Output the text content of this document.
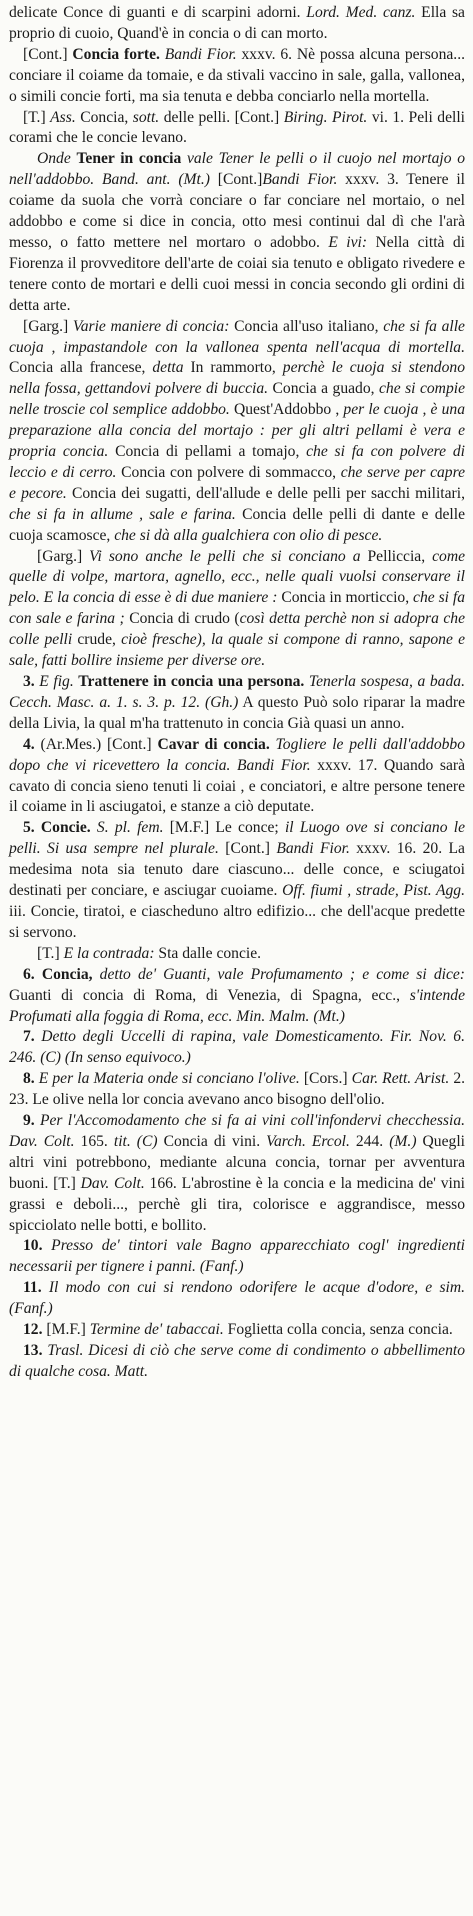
delicate Conce di guanti e di scarpini adorni. Lord. Med. canz. Ella sa proprio di cuoio, Quand'è in concia o di can morto.

[Cont.] Concia forte. Bandi Fior. xxxv. 6. Nè possa alcuna persona... conciare il coiame da tomaie, e da stivali vaccino in sale, galla, vallonea, o simili concie forti, ma sia tenuta e debba conciarlo nella mortella.

[T.] Ass. Concia, sott. delle pelli. [Cont.] Biring. Pirot. vi. 1. Peli delli corami che le concie levano.

Onde Tener in concia vale Tener le pelli o il cuojo nel mortajo o nell'addobbo. Band. ant. (Mt.) [Cont.]Bandi Fior. xxxv. 3. Tenere il coiame da suola che vorrà conciare o far conciare nel mortaio, o nel addobbo e come si dice in concia, otto mesi continui dal dì che l'arà messo, o fatto mettere nel mortaro o adobbo. E ivi: Nella città di Fiorenza il provveditore dell'arte de coiai sia tenuto e obligato rivedere e tenere conto de mortari e delli cuoi messi in concia secondo gli ordini di detta arte.

[Garg.] Varie maniere di concia: Concia all'uso italiano, che si fa alle cuoja , impastandole con la vallonea spenta nell'acqua di mortella. Concia alla francese, detta In rammorto, perchè le cuoja si stendono nella fossa, gettandovi polvere di buccia. Concia a guado, che si compie nelle troscie col semplice addobbo. Quest'Addobbo , per le cuoja , è una preparazione alla concia del mortajo : per gli altri pellami è vera e propria concia. Concia di pellami a tomajo, che si fa con polvere di leccio e di cerro. Concia con polvere di sommacco, che serve per capre e pecore. Concia dei sugatti, dell'allude e delle pelli per sacchi militari, che si fa in allume , sale e farina. Concia delle pelli di dante e delle cuoja scamosce, che si dà alla gualchiera con olio di pesce.

[Garg.] Vi sono anche le pelli che si conciano a Pelliccia, come quelle di volpe, martora, agnello, ecc., nelle quali vuolsi conservare il pelo. E la concia di esse è di due maniere : Concia in morticcio, che si fa con sale e farina ; Concia di crudo (così detta perchè non si adopra che colle pelli crude, cioè fresche), la quale si compone di ranno, sapone e sale, fatti bollire insieme per diverse ore.

3. E fig. Trattenere in concia una persona. Tenerla sospesa, a bada. Cecch. Masc. a. 1. s. 3. p. 12. (Gh.) A questo Può solo riparar la madre della Livia, la qual m'ha trattenuto in concia Già quasi un anno.

4. (Ar.Mes.) [Cont.] Cavar di concia. Togliere le pelli dall'addobbo dopo che vi ricevettero la concia. Bandi Fior. xxxv. 17. Quando sarà cavato di concia sieno tenuti li coiai , e conciatori, e altre persone tenere il coiame in li asciugatoi, e stanze a ciò deputate.

5. Concie. S. pl. fem. [M.F.] Le conce; il Luogo ove si conciano le pelli. Si usa sempre nel plurale. [Cont.] Bandi Fior. xxxv. 16. 20. La medesima nota sia tenuto dare ciascuno... delle conce, e sciugatoi destinati per conciare, e asciugar cuoiame. Off. fiumi , strade, Pist. Agg. iii. Concie, tiratoi, e ciascheduno altro edifizio... che dell'acque predette si servono.

[T.] E la contrada: Sta dalle concie.

6. Concia, detto de' Guanti, vale Profumamento ; e come si dice: Guanti di concia di Roma, di Venezia, di Spagna, ecc., s'intende Profumati alla foggia di Roma, ecc. Min. Malm. (Mt.)

7. Detto degli Uccelli di rapina, vale Domesticamento. Fir. Nov. 6. 246. (C) (In senso equivoco.)

8. E per la Materia onde si conciano l'olive. [Cors.] Car. Rett. Arist. 2. 23. Le olive nella lor concia avevano anco bisogno dell'olio.

9. Per l'Accomodamento che si fa ai vini coll'infondervi checchessia. Dav. Colt. 165. tit. (C) Concia di vini. Varch. Ercol. 244. (M.) Quegli altri vini potrebbono, mediante alcuna concia, tornar per avventura buoni. [T.] Dav. Colt. 166. L'abrostine è la concia e la medicina de' vini grassi e deboli..., perchè gli tira, colorisce e aggrandisce, messo spicciolato nelle botti, e bollito.

10. Presso de' tintori vale Bagno apparecchiato cogl' ingredienti necessarii per tignere i panni. (Fanf.)

11. Il modo con cui si rendono odorifere le acque d'odore, e sim. (Fanf.)

12. [M.F.] Termine de' tabaccai. Foglietta colla concia, senza concia.

13. Trasl. Dicesi di ciò che serve come di condimento o abbellimento di qualche cosa. Matt.
